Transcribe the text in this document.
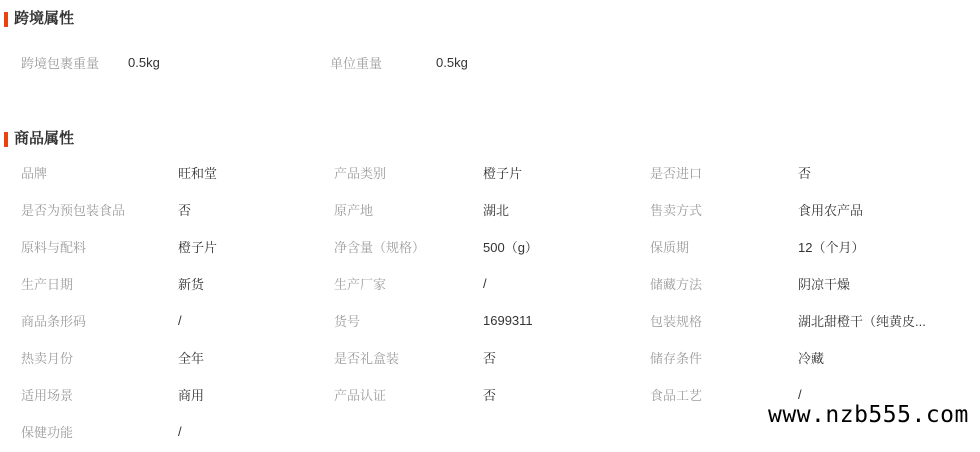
跨境属性
跨境包裹重量	0.5kg	单位重量	0.5kg
商品属性
品牌	旺和堂	产品类别	橙子片	是否进口	否
是否为预包装食品	否	原产地	湖北	售卖方式	食用农产品
原料与配料	橙子片	净含量（规格）	500（g）	保质期	12（个月）
生产日期	新货	生产厂家	/	储藏方法	阴凉干燥
商品条形码	/	货号	1699311	包装规格	湖北甜橙干（纯黄皮...
热卖月份	全年	是否礼盒装	否	储存条件	冷藏
适用场景	商用	产品认证	否	食品工艺	/
保健功能	/
www.nzb555.com
